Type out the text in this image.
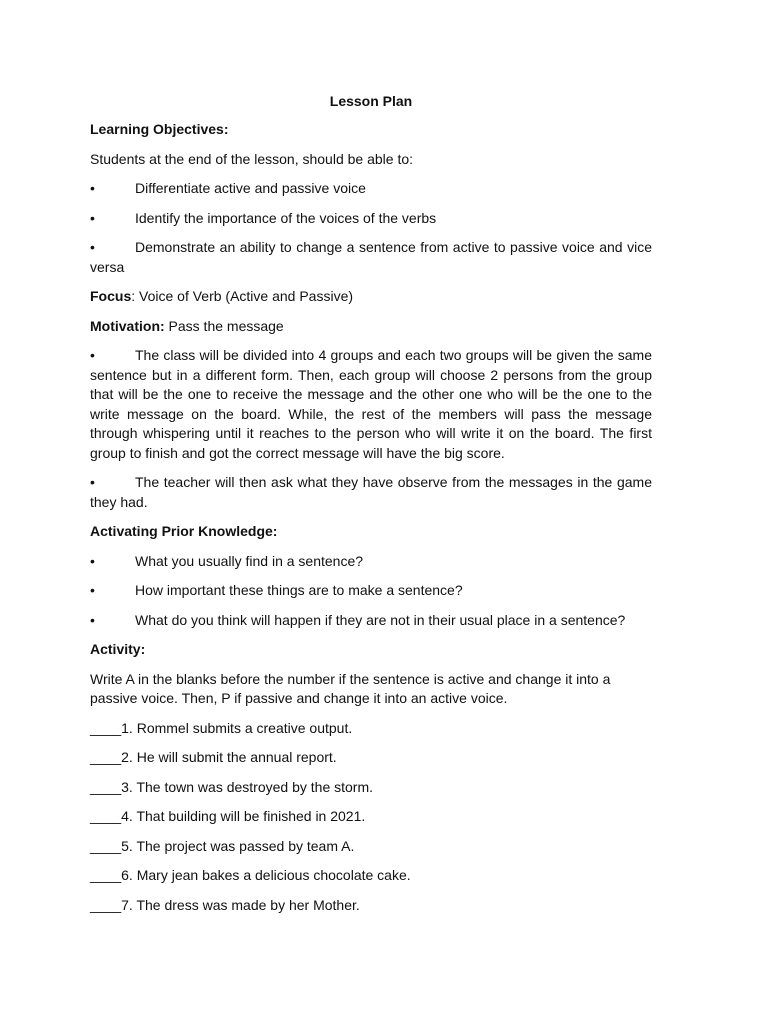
Lesson Plan
Learning Objectives:
Students at the end of the lesson, should be able to:
•	Differentiate active and passive voice
•	Identify the importance of the voices of the verbs
•	Demonstrate an ability to change a sentence from active to passive voice and vice versa
Focus: Voice of Verb (Active and Passive)
Motivation: Pass the message
•	The class will be divided into 4 groups and each two groups will be given the same sentence but in a different form. Then, each group will choose 2 persons from the group that will be the one to receive the message and the other one who will be the one to the write message on the board. While, the rest of the members will pass the message through whispering until it reaches to the person who will write it on the board. The first group to finish and got the correct message will have the big score.
•	The teacher will then ask what they have observe from the messages in the game they had.
Activating Prior Knowledge:
•	What you usually find in a sentence?
•	How important these things are to make a sentence?
•	What do you think will happen if they are not in their usual place in a sentence?
Activity:
Write A in the blanks before the number if the sentence is active and change it into a passive voice. Then, P if passive and change it into an active voice.
____1. Rommel submits a creative output.
____2. He will submit the annual report.
____3. The town was destroyed by the storm.
____4. That building will be finished in 2021.
____5. The project was passed by team A.
____6. Mary jean bakes a delicious chocolate cake.
____7. The dress was made by her Mother.
